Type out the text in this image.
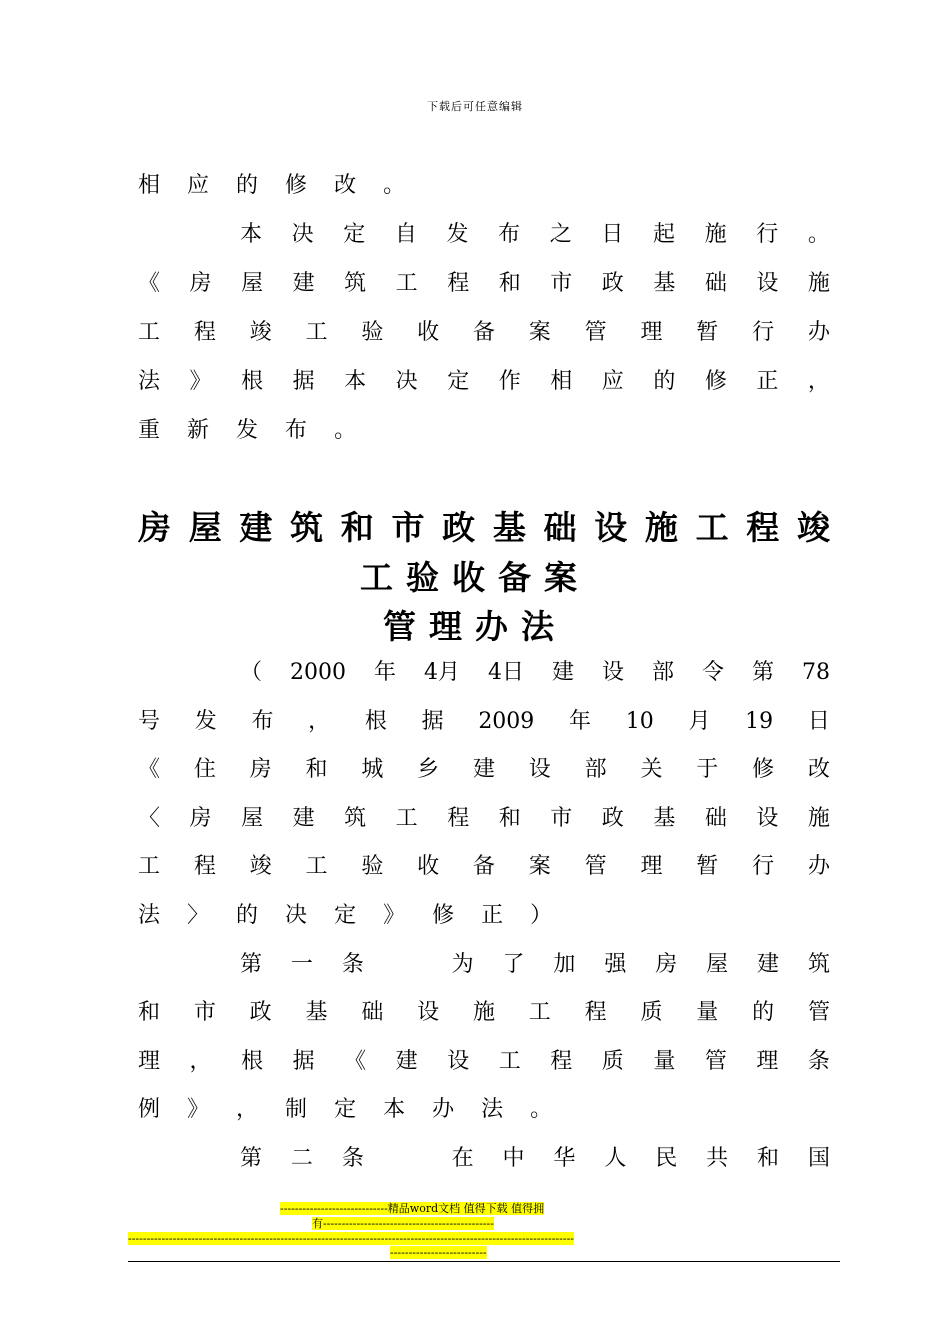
下载后可任意编辑
相 应 的 修 改 。
本 决 定 自 发 布 之 日 起 施 行 。
《 房 屋 建 筑 工 程 和 市 政 基 础 设 施
工 程 竣 工 验 收 备 案 管 理 暂 行 办
法 》 根 据 本 决 定 作 相 应 的 修 正 ，
重 新 发 布 。
房 屋 建 筑 和 市 政 基 础 设 施 工 程 竣
工验收备案
管理办法
（ 2000 年 4月 4日 建 设 部 令 第 78
号 发 布 ， 根 据 2009 年 10 月 19 日
《 住 房 和 城 乡 建 设 部 关 于 修 改
〈 房 屋 建 筑 工 程 和 市 政 基 础 设 施
工 程 竣 工 验 收 备 案 管 理 暂 行 办
法 〉 的 决 定 》 修 正 ）
第 一 条
	为 了 加 强 房 屋 建 筑
和 市 政 基 础 设 施 工 程 质 量 的 管
理 ， 根 据 《 建 设 工 程 质 量 管 理 条
例 》 ， 制 定 本 办 法 。
第 二 条
	在 中 华 人 民 共 和 国
-----------------------------精品word文档 值得下载 值得拥
有----------------------------------------------
------------------------------------------------------------------------------------------------------------------------
--------------------------
